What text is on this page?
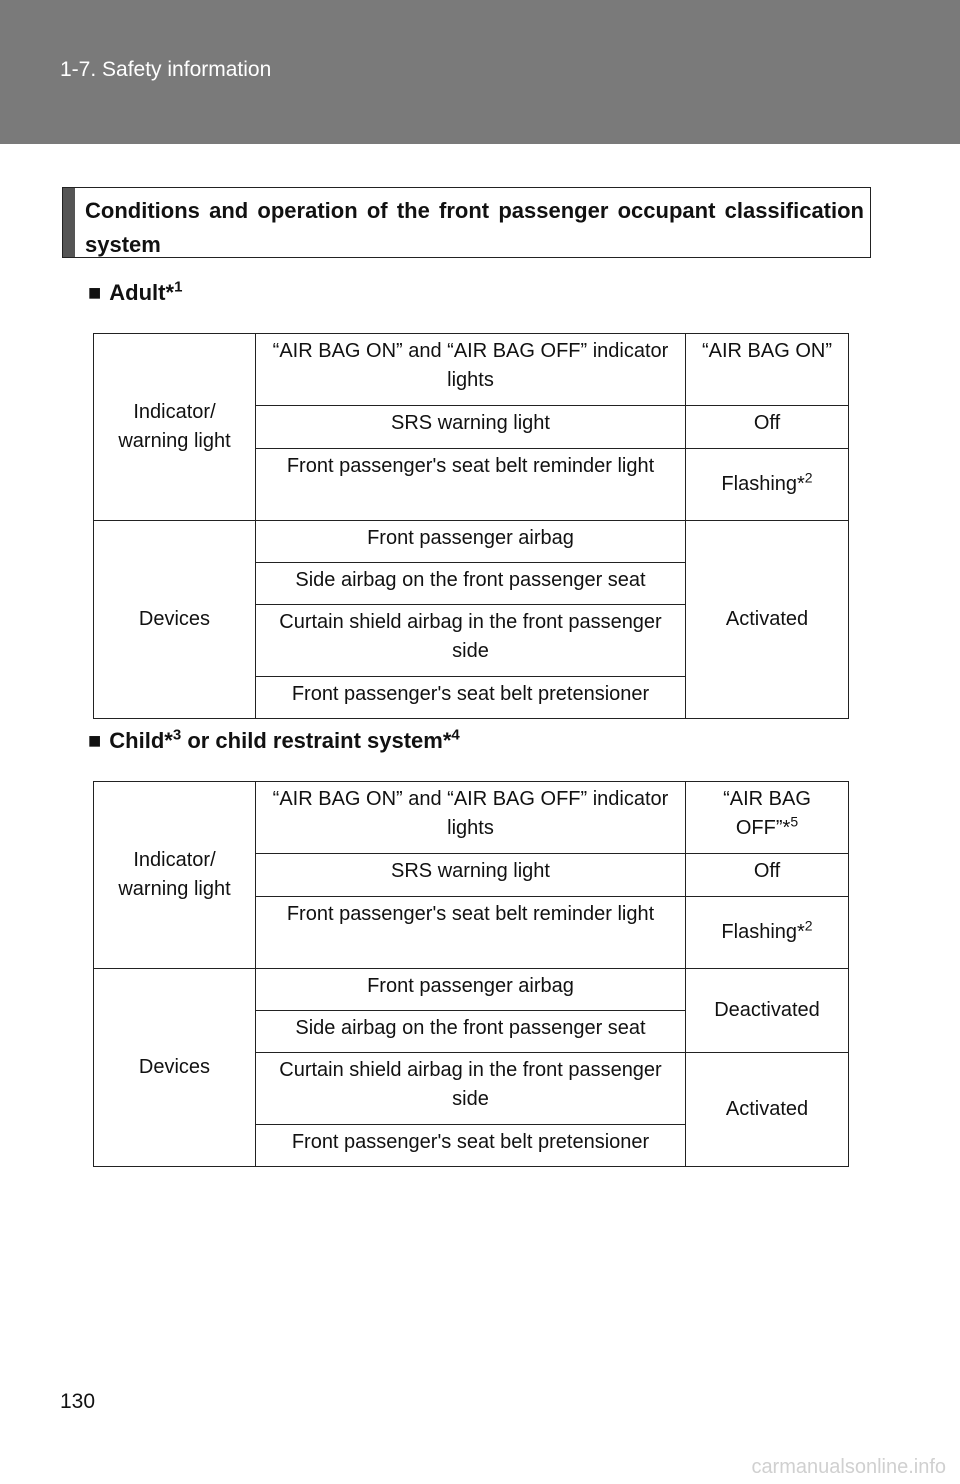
1-7. Safety information
Conditions and operation of the front passenger occupant classification system
■ Adult*$^1$
Indicator/ warning light	“AIR BAG ON” and “AIR BAG OFF” indicator lights	“AIR BAG ON”
	SRS warning light	Off
	Front passenger's seat belt reminder light	Flashing*$^2$
Devices	Front passenger airbag	Activated
	Side airbag on the front passenger seat	
	Curtain shield airbag in the front passenger side	
	Front passenger's seat belt pretensioner	
■ Child*$^3$ or child restraint system*$^4$
Indicator/ warning light	“AIR BAG ON” and “AIR BAG OFF” indicator lights	“AIR BAG OFF”*$^5$
	SRS warning light	Off
	Front passenger's seat belt reminder light	Flashing*$^2$
Devices	Front passenger airbag	Deactivated
	Side airbag on the front passenger seat	
	Curtain shield airbag in the front passenger side	Activated
	Front passenger's seat belt pretensioner	
130
carmanualsonline.info
